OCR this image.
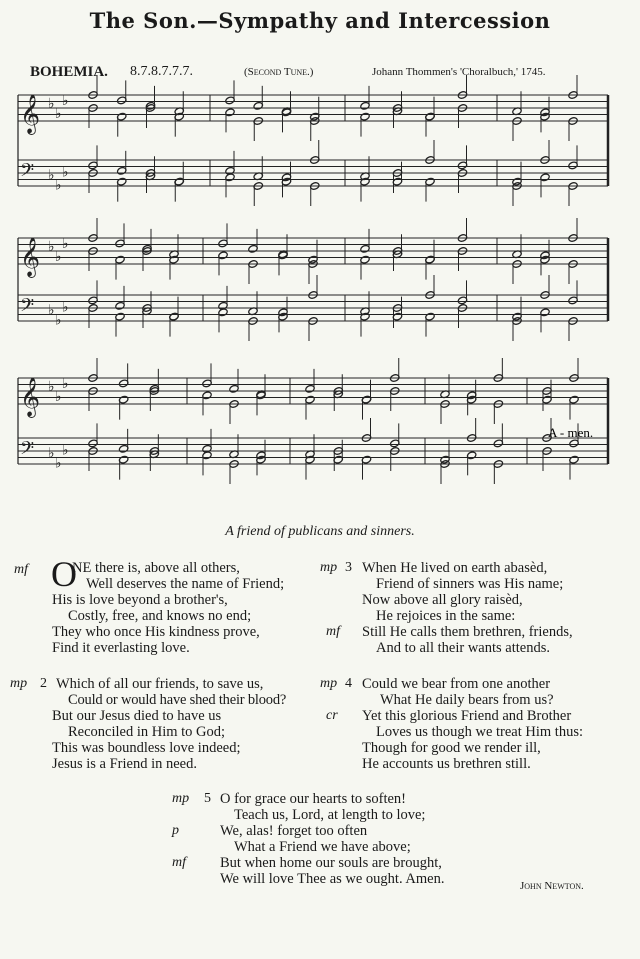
The Son.—Sympathy and Intercession
BOHEMIA. 8.7.8.7.7.7.	(Second Tune.)	Johann Thommen's 'Choralbuch,' 1745.
𝄞 ♭
♭
♭
𝄢 ♭
♭
♭
𝄞 ♭
♭
♭
𝄢 ♭
♭
♭
𝄞 ♭
♭
♭
𝄢 ♭
♭
♭
A - men.
A friend of publicans and sinners.
mf O
NE there is, above all others,
Well deserves the name of Friend;
His is love beyond a brother's,
Costly, free, and knows no end;
They who once His kindness prove,
Find it everlasting love.
mp 2 Which of all our friends, to save us,
Could or would have shed their blood?
But our Jesus died to have us
Reconciled in Him to God;
This was boundless love indeed;
Jesus is a Friend in need.
mp 3 When He lived on earth abasèd,
Friend of sinners was His name;
Now above all glory raisèd,
He rejoices in the same:
mf Still He calls them brethren, friends,
And to all their wants attends.
mp 4 Could we bear from one another
What He daily bears from us?
cr Yet this glorious Friend and Brother
Loves us though we treat Him thus:
Though for good we render ill,
He accounts us brethren still.
mp 5 O for grace our hearts to soften!
Teach us, Lord, at length to love;
p	We, alas! forget too often
What a Friend we have above;
mf But when home our souls are brought,
We will love Thee as we ought. Amen.	John Newton.
